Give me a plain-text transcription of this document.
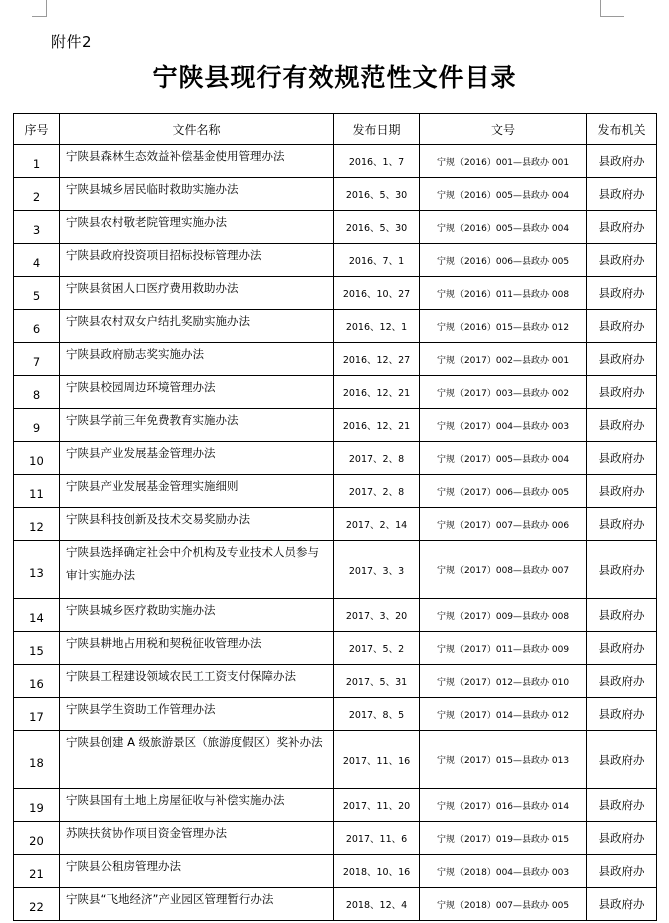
附件2
宁陕县现行有效规范性文件目录
序号	文件名称	发布日期	文号	发布机关
1	宁陕县森林生态效益补偿基金使用管理办法	2016、1、7	宁规（2016）001—县政办 001	县政府办
2	宁陕县城乡居民临时救助实施办法	2016、5、30	宁规（2016）005—县政办 004	县政府办
3	宁陕县农村敬老院管理实施办法	2016、5、30	宁规（2016）005—县政办 004	县政府办
4	宁陕县政府投资项目招标投标管理办法	2016、7、1	宁规（2016）006—县政办 005	县政府办
5	宁陕县贫困人口医疗费用救助办法	2016、10、27	宁规（2016）011—县政办 008	县政府办
6	宁陕县农村双女户结扎奖励实施办法	2016、12、1	宁规（2016）015—县政办 012	县政府办
7	宁陕县政府励志奖实施办法	2016、12、27	宁规（2017）002—县政办 001	县政府办
8	宁陕县校园周边环境管理办法	2016、12、21	宁规（2017）003—县政办 002	县政府办
9	宁陕县学前三年免费教育实施办法	2016、12、21	宁规（2017）004—县政办 003	县政府办
10	宁陕县产业发展基金管理办法	2017、2、8	宁规（2017）005—县政办 004	县政府办
11	宁陕县产业发展基金管理实施细则	2017、2、8	宁规（2017）006—县政办 005	县政府办
12	宁陕县科技创新及技术交易奖励办法	2017、2、14	宁规（2017）007—县政办 006	县政府办
13	宁陕县选择确定社会中介机构及专业技术人员参与审计实施办法	2017、3、3	宁规（2017）008—县政办 007	县政府办
14	宁陕县城乡医疗救助实施办法	2017、3、20	宁规（2017）009—县政办 008	县政府办
15	宁陕县耕地占用税和契税征收管理办法	2017、5、2	宁规（2017）011—县政办 009	县政府办
16	宁陕县工程建设领域农民工工资支付保障办法	2017、5、31	宁规（2017）012—县政办 010	县政府办
17	宁陕县学生资助工作管理办法	2017、8、5	宁规（2017）014—县政办 012	县政府办
18	宁陕县创建 A 级旅游景区（旅游度假区）奖补办法	2017、11、16	宁规（2017）015—县政办 013	县政府办
19	宁陕县国有土地上房屋征收与补偿实施办法	2017、11、20	宁规（2017）016—县政办 014	县政府办
20	苏陕扶贫协作项目资金管理办法	2017、11、6	宁规（2017）019—县政办 015	县政府办
21	宁陕县公租房管理办法	2018、10、16	宁规（2018）004—县政办 003	县政府办
22	宁陕县“飞地经济”产业园区管理暂行办法	2018、12、4	宁规（2018）007—县政办 005	县政府办
